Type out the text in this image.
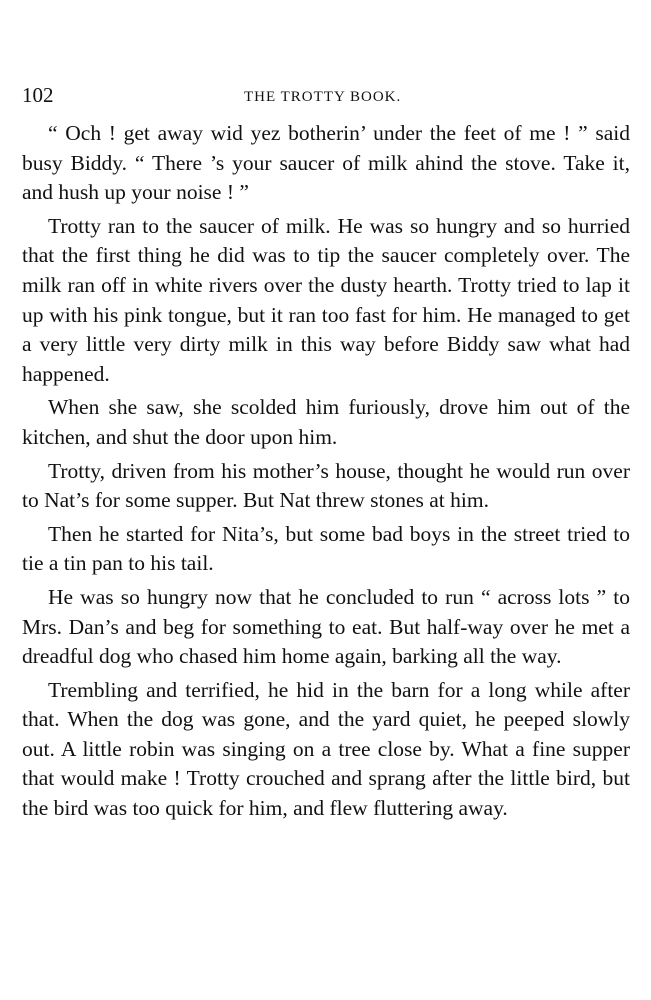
102	THE TROTTY BOOK.

“ Och ! get away wid yez botherin’ under the feet of me ! ” said busy Biddy. “ There ’s your saucer of milk ahind the stove. Take it, and hush up your noise ! ”

Trotty ran to the saucer of milk. He was so hungry and so hurried that the first thing he did was to tip the saucer completely over. The milk ran off in white rivers over the dusty hearth. Trotty tried to lap it up with his pink tongue, but it ran too fast for him. He managed to get a very little very dirty milk in this way before Biddy saw what had happened.

When she saw, she scolded him furiously, drove him out of the kitchen, and shut the door upon him.

Trotty, driven from his mother’s house, thought he would run over to Nat’s for some supper. But Nat threw stones at him.

Then he started for Nita’s, but some bad boys in the street tried to tie a tin pan to his tail.

He was so hungry now that he concluded to run “ across lots ” to Mrs. Dan’s and beg for something to eat. But half-way over he met a dreadful dog who chased him home again, barking all the way.

Trembling and terrified, he hid in the barn for a long while after that. When the dog was gone, and the yard quiet, he peeped slowly out. A little robin was singing on a tree close by. What a fine supper that would make ! Trotty crouched and sprang after the little bird, but the bird was too quick for him, and flew fluttering away.
